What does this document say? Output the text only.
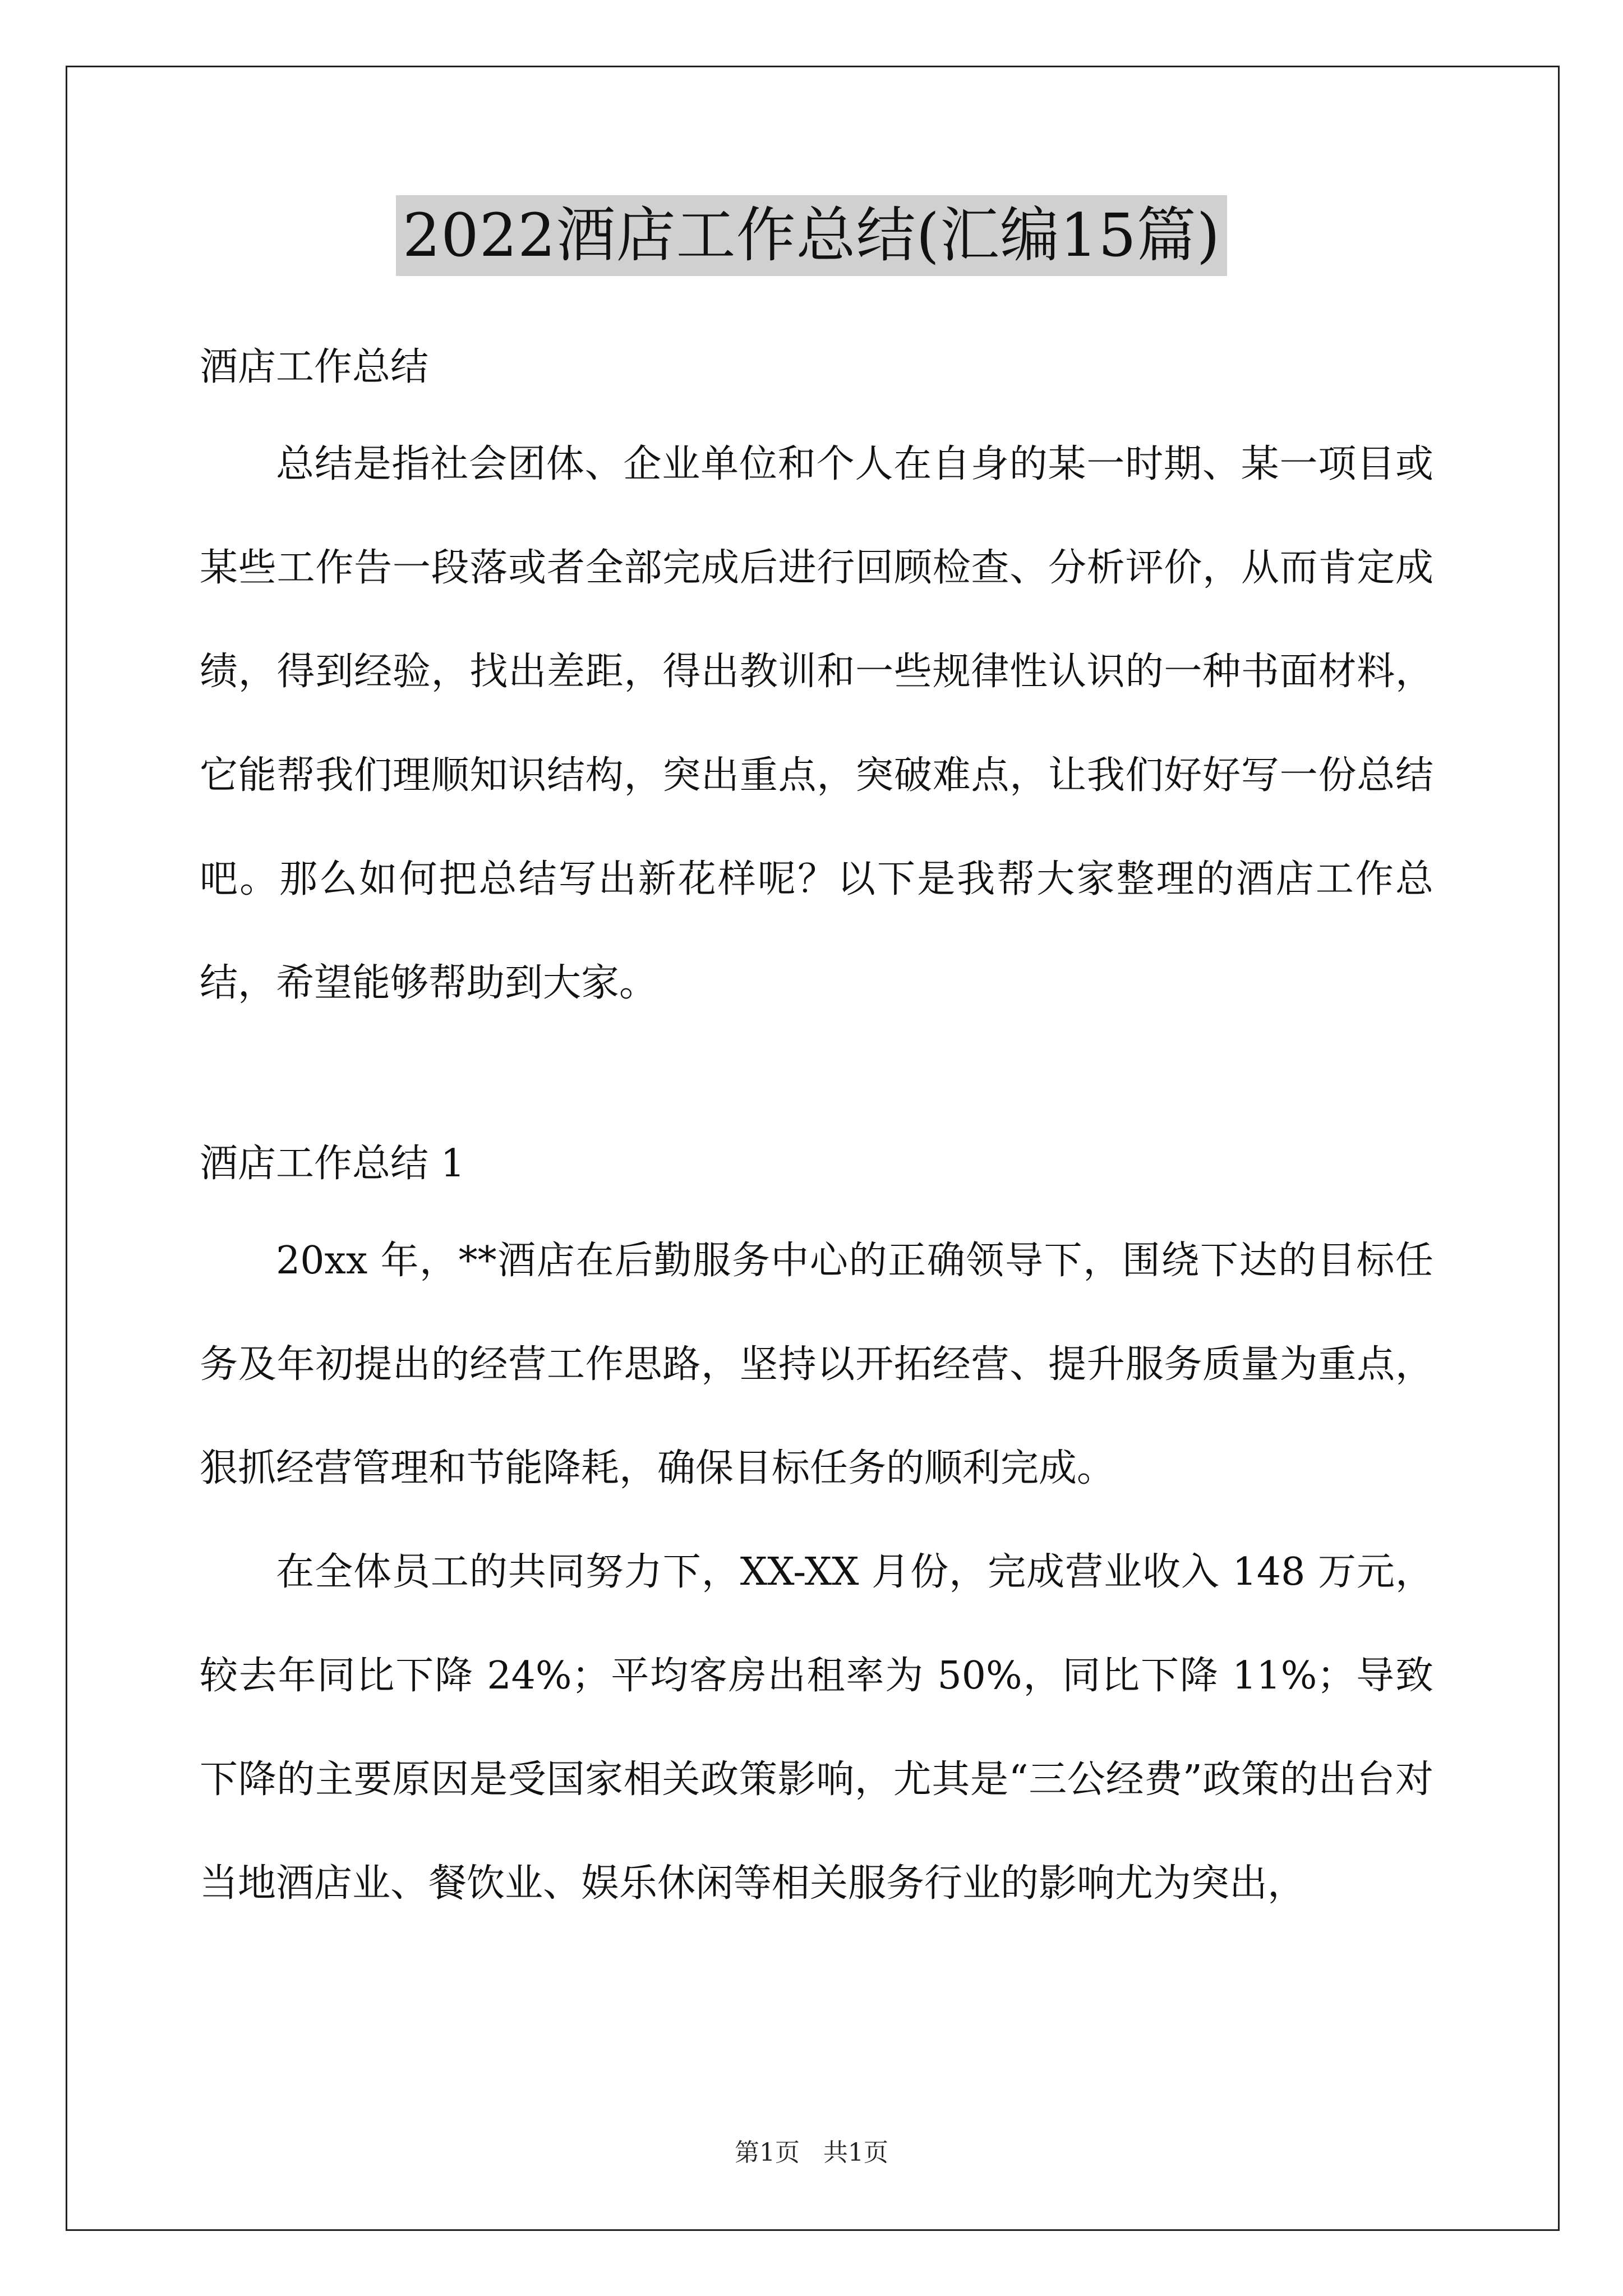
2022酒店工作总结(汇编15篇)
酒店工作总结

总结是指社会团体、企业单位和个人在自身的某一时期、某一项目或某些工作告一段落或者全部完成后进行回顾检查、分析评价，从而肯定成绩，得到经验，找出差距，得出教训和一些规律性认识的一种书面材料，它能帮我们理顺知识结构，突出重点，突破难点，让我们好好写一份总结吧。那么如何把总结写出新花样呢？以下是我帮大家整理的酒店工作总结，希望能够帮助到大家。

酒店工作总结 1

20xx 年，**酒店在后勤服务中心的正确领导下，围绕下达的目标任务及年初提出的经营工作思路，坚持以开拓经营、提升服务质量为重点，狠抓经营管理和节能降耗，确保目标任务的顺利完成。

在全体员工的共同努力下，XX-XX 月份，完成营业收入 148 万元，较去年同比下降 24%；平均客房出租率为 50%，同比下降 11%；导致下降的主要原因是受国家相关政策影响，尤其是“三公经费”政策的出台对当地酒店业、餐饮业、娱乐休闲等相关服务行业的影响尤为突出，

第1页   共1页
